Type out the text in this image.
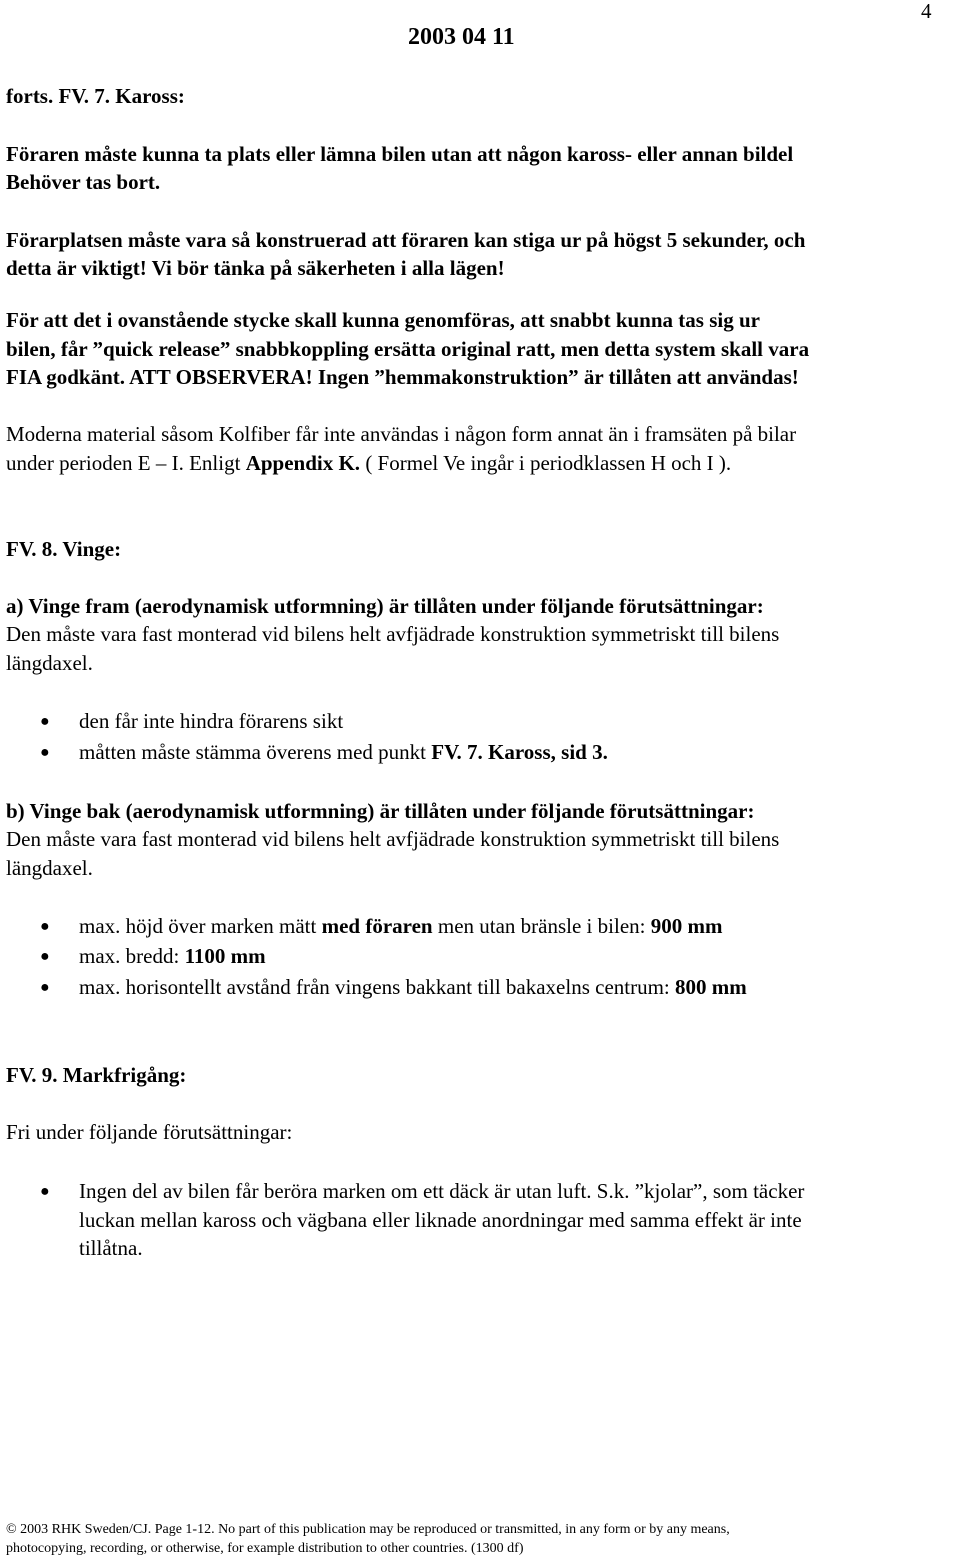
4
2003 04 11
forts. FV. 7. Kaross:
Föraren måste kunna ta plats eller lämna bilen utan att någon kaross- eller annan bildel
Behöver tas bort.
Förarplatsen måste vara så konstruerad att föraren kan stiga ur på högst 5 sekunder, och
detta är viktigt! Vi bör tänka på säkerheten i alla lägen!
För att det i ovanstående stycke skall kunna genomföras, att snabbt kunna tas sig ur
bilen, får ”quick release” snabbkoppling ersätta original ratt, men detta system skall vara
FIA godkänt. ATT OBSERVERA! Ingen ”hemmakonstruktion” är tillåten att användas!
Moderna material såsom Kolfiber får inte användas i någon form annat än i framsäten på bilar
under perioden E – I. Enligt Appendix K. ( Formel Ve ingår i periodklassen H och I ).
FV. 8. Vinge:
a) Vinge fram (aerodynamisk utformning) är tillåten under följande förutsättningar:
Den måste vara fast monterad vid bilens helt avfjädrade konstruktion symmetriskt till bilens
längdaxel.
● den får inte hindra förarens sikt
● måtten måste stämma överens med punkt FV. 7. Kaross, sid 3.
b) Vinge bak (aerodynamisk utformning) är tillåten under följande förutsättningar:
Den måste vara fast monterad vid bilens helt avfjädrade konstruktion symmetriskt till bilens
längdaxel.
● max. höjd över marken mätt med föraren men utan bränsle i bilen: 900 mm
● max. bredd: 1100 mm
● max. horisontellt avstånd från vingens bakkant till bakaxelns centrum: 800 mm
FV. 9. Markfrigång:
Fri under följande förutsättningar:
● Ingen del av bilen får beröra marken om ett däck är utan luft. S.k. ”kjolar”, som täcker
luckan mellan kaross och vägbana eller liknade anordningar med samma effekt är inte
tillåtna.
© 2003 RHK Sweden/CJ. Page 1-12. No part of this publication may be reproduced or transmitted, in any form or by any means,
photocopying, recording, or otherwise, for example distribution to other countries. (1300 df)
